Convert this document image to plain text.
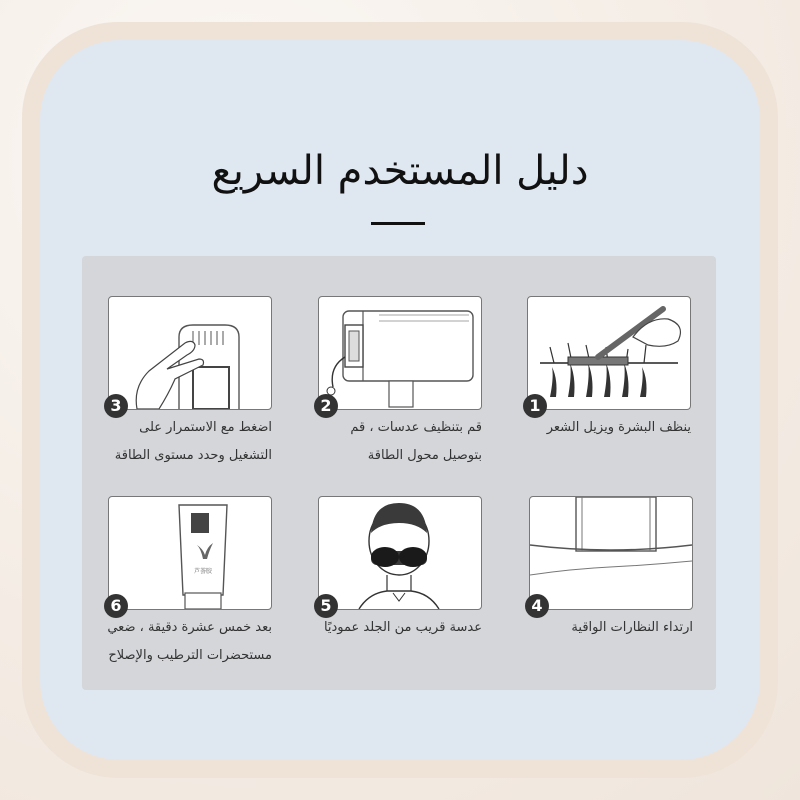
دليل المستخدم السريع
1
ينظف البشرة ويزيل الشعر
2
قم بتنظيف عدسات ، قم
بتوصيل محول الطاقة
3
اضغط مع الاستمرار على
التشغيل وحدد مستوى الطاقة
4
ارتداء النظارات الواقية
5
عدسة قريب من الجلد عموديًا
芦荟胶
6
بعد خمس عشرة دقيقة ، ضعي
مستحضرات الترطيب والإصلاح
